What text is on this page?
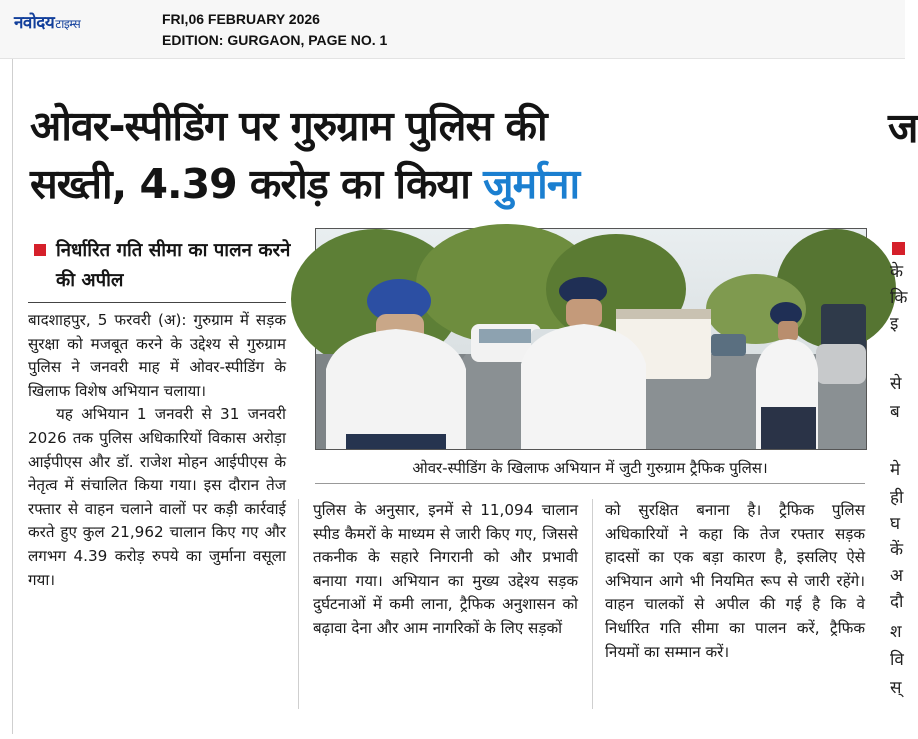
नवोदयटाइम्स	FRI,06 FEBRUARY 2026
EDITION: GURGAON, PAGE NO. 1
ओवर-स्पीडिंग पर गुरुग्राम पुलिस की
सख्ती, 4.39 करोड़ का किया जुर्माना
निर्धारित गति सीमा का पालन करने की अपील

बादशाहपुर, 5 फरवरी (अ): गुरुग्राम में सड़क सुरक्षा को मजबूत करने के उद्देश्य से गुरुग्राम पुलिस ने जनवरी माह में ओवर-स्पीडिंग के खिलाफ विशेष अभियान चलाया।

यह अभियान 1 जनवरी से 31 जनवरी 2026 तक पुलिस अधिकारियों विकास अरोड़ा आईपीएस और डॉ. राजेश मोहन आईपीएस के नेतृत्व में संचालित किया गया। इस दौरान तेज रफ्तार से वाहन चलाने वालों पर कड़ी कार्रवाई करते हुए कुल 21,962 चालान किए गए और लगभग 4.39 करोड़ रुपये का जुर्माना वसूला गया।

ओवर-स्पीडिंग के खिलाफ अभियान में जुटी गुरुग्राम ट्रैफिक पुलिस।

पुलिस के अनुसार, इनमें से 11,094 चालान स्पीड कैमरों के माध्यम से जारी किए गए, जिससे तकनीक के सहारे निगरानी को और प्रभावी बनाया गया। अभियान का मुख्य उद्देश्य सड़क दुर्घटनाओं में कमी लाना, ट्रैफिक अनुशासन को बढ़ावा देना और आम नागरिकों के लिए सड़कों

को सुरक्षित बनाना है। ट्रैफिक पुलिस अधिकारियों ने कहा कि तेज रफ्तार सड़क हादसों का एक बड़ा कारण है, इसलिए ऐसे अभियान आगे भी नियमित रूप से जारी रहेंगे। वाहन चालकों से अपील की गई है कि वे निर्धारित गति सीमा का पालन करें, ट्रैफिक नियमों का सम्मान करें।

ज
के
कि
इ
से
ब
मे
ही
घ
कें
अ
दौ
श
वि
स्
